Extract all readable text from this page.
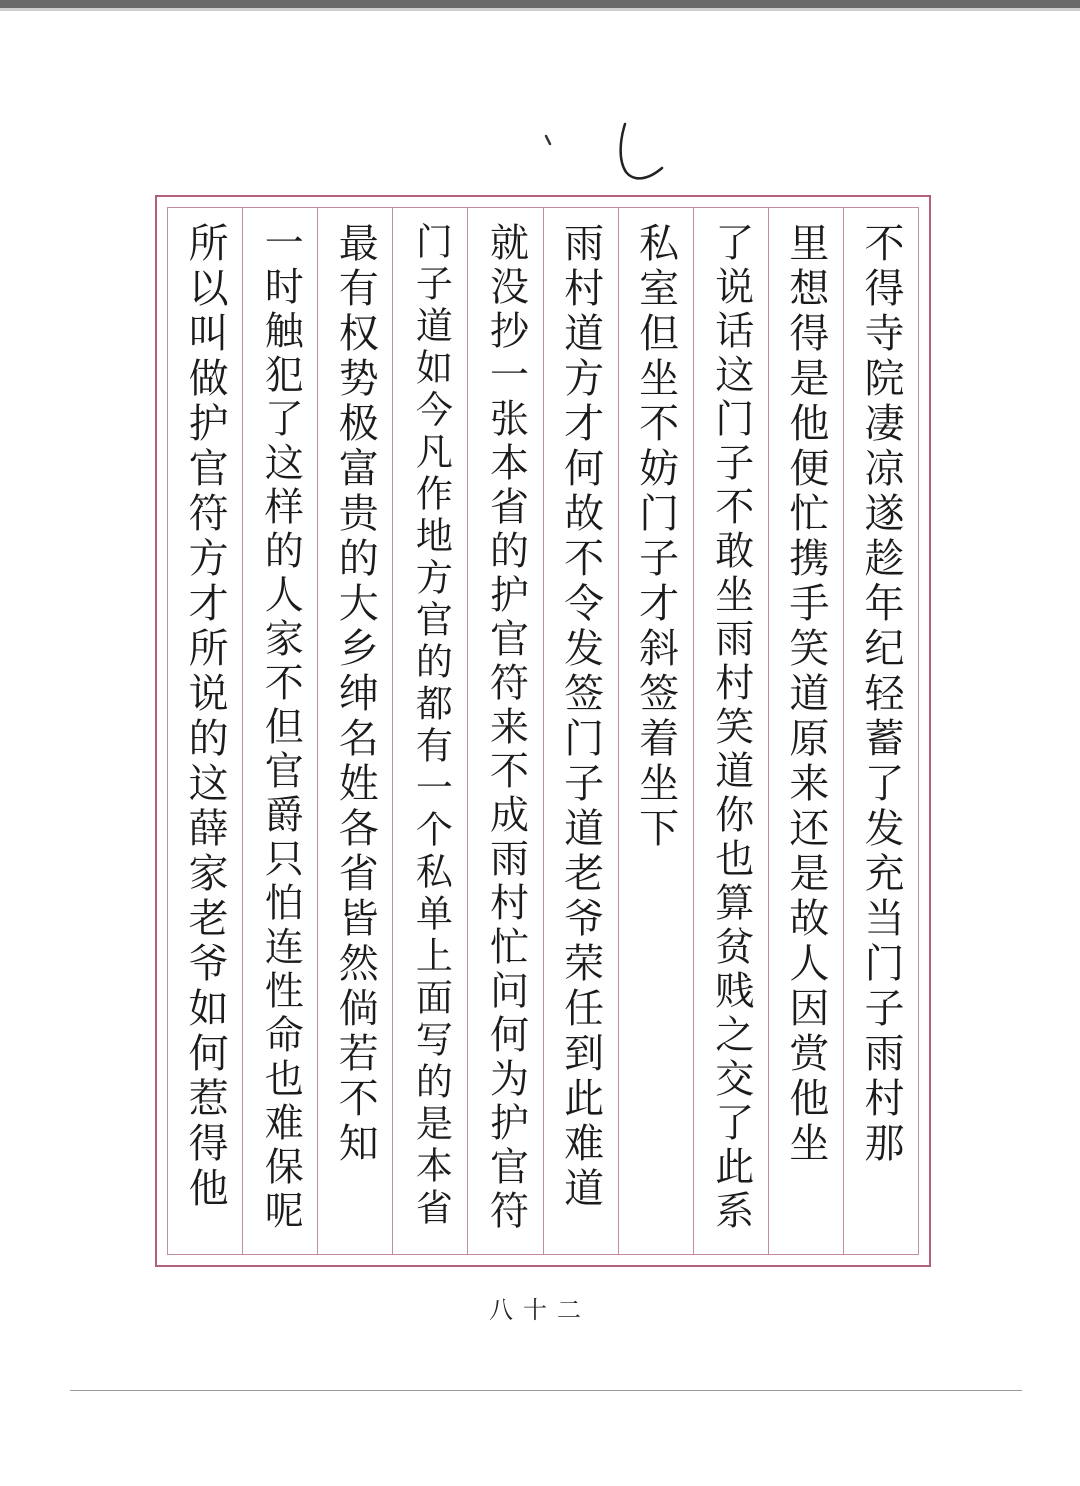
不得寺院凄凉遂趁年纪轻蓄了发充当门子雨村那
里想得是他便忙携手笑道原来还是故人因赏他坐
了说话这门子不敢坐雨村笑道你也算贫贱之交了此系
私室但坐不妨门子才斜签着坐下
雨村道方才何故不令发签门子道老爷荣任到此难道
就没抄一张本省的护官符来不成雨村忙问何为护官符
门子道如今凡作地方官的都有一个私单上面写的是本省
最有权势极富贵的大乡绅名姓各省皆然倘若不知
一时触犯了这样的人家不但官爵只怕连性命也难保呢
所以叫做护官符方才所说的这薛家老爷如何惹得他
八十二
